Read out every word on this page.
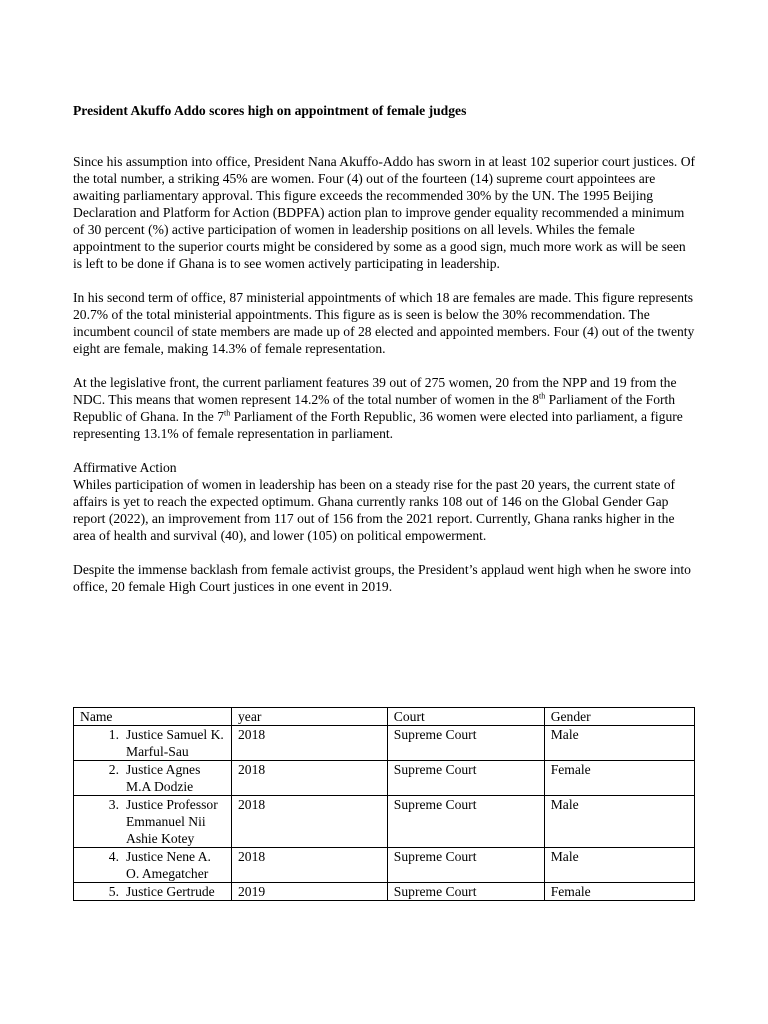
President Akuffo Addo scores high on appointment of female judges

Since his assumption into office, President Nana Akuffo-Addo has sworn in at least 102 superior court justices. Of the total number, a striking 45% are women. Four (4) out of the fourteen (14) supreme court appointees are awaiting parliamentary approval. This figure exceeds the recommended 30% by the UN. The 1995 Beijing Declaration and Platform for Action (BDPFA) action plan to improve gender equality recommended a minimum of 30 percent (%) active participation of women in leadership positions on all levels. Whiles the female appointment to the superior courts might be considered by some as a good sign, much more work as will be seen is left to be done if Ghana is to see women actively participating in leadership.

In his second term of office, 87 ministerial appointments of which 18 are females are made. This figure represents 20.7% of the total ministerial appointments. This figure as is seen is below the 30% recommendation. The incumbent council of state members are made up of 28 elected and appointed members. Four (4) out of the twenty eight are female, making 14.3% of female representation.

At the legislative front, the current parliament features 39 out of 275 women, 20 from the NPP and 19 from the NDC. This means that women represent 14.2% of the total number of women in the 8th Parliament of the Forth Republic of Ghana. In the 7th Parliament of the Forth Republic, 36 women were elected into parliament, a figure representing 13.1% of female representation in parliament.

Affirmative Action

Whiles participation of women in leadership has been on a steady rise for the past 20 years, the current state of affairs is yet to reach the expected optimum. Ghana currently ranks 108 out of 146 on the Global Gender Gap report (2022), an improvement from 117 out of 156 from the 2021 report. Currently, Ghana ranks higher in the area of health and survival (40), and lower (105) on political empowerment.

Despite the immense backlash from female activist groups, the President’s applaud went high when he swore into office, 20 female High Court justices in one event in 2019.

Name	year	Court	Gender

1. Justice Samuel K. Marful-Sau	2018	Supreme Court	Male

2. Justice Agnes M.A Dodzie	2018	Supreme Court	Female

3. Justice Professor Emmanuel Nii Ashie Kotey	2018	Supreme Court	Male

4. Justice Nene A. O. Amegatcher	2018	Supreme Court	Male

5. Justice Gertrude	2019	Supreme Court	Female
